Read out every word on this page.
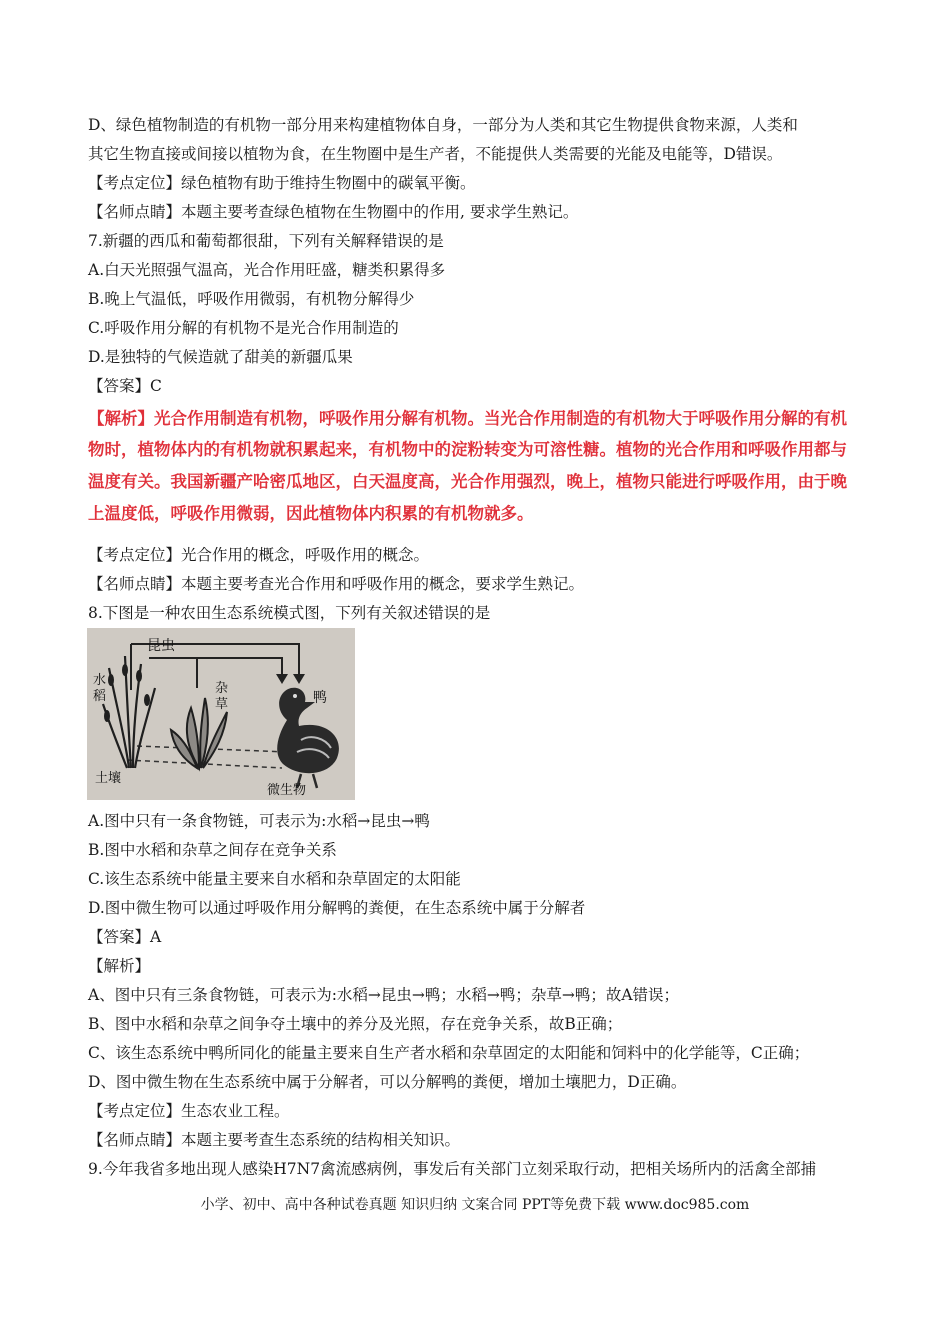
D、绿色植物制造的有机物一部分用来构建植物体自身，一部分为人类和其它生物提供食物来源，人类和
其它生物直接或间接以植物为食，在生物圈中是生产者，不能提供人类需要的光能及电能等，D错误。
【考点定位】绿色植物有助于维持生物圈中的碳氧平衡。
【名师点睛】本题主要考查绿色植物在生物圈中的作用, 要求学生熟记。
7.新疆的西瓜和葡萄都很甜，下列有关解释错误的是
A.白天光照强气温高，光合作用旺盛，糖类积累得多
B.晚上气温低，呼吸作用微弱，有机物分解得少
C.呼吸作用分解的有机物不是光合作用制造的
D.是独特的气候造就了甜美的新疆瓜果
【答案】C
【解析】光合作用制造有机物，呼吸作用分解有机物。当光合作用制造的有机物大于呼吸作用分解的有机
物时，植物体内的有机物就积累起来，有机物中的淀粉转变为可溶性糖。植物的光合作用和呼吸作用都与
温度有关。我国新疆产哈密瓜地区，白天温度高，光合作用强烈，晚上，植物只能进行呼吸作用，由于晚
上温度低，呼吸作用微弱，因此植物体内积累的有机物就多。
【考点定位】光合作用的概念，呼吸作用的概念。
【名师点睛】本题主要考查光合作用和呼吸作用的概念，要求学生熟记。
8.下图是一种农田生态系统模式图，下列有关叙述错误的是
昆虫
水
稻
杂
草	鸭
土壤
微生物
A.图中只有一条食物链，可表示为:水稻→昆虫→鸭
B.图中水稻和杂草之间存在竞争关系
C.该生态系统中能量主要来自水稻和杂草固定的太阳能
D.图中微生物可以通过呼吸作用分解鸭的粪便，在生态系统中属于分解者
【答案】A
【解析】
A、图中只有三条食物链，可表示为:水稻→昆虫→鸭；水稻→鸭；杂草→鸭；故A错误；
B、图中水稻和杂草之间争夺土壤中的养分及光照，存在竞争关系，故B正确；
C、该生态系统中鸭所同化的能量主要来自生产者水稻和杂草固定的太阳能和饲料中的化学能等，C正确；
D、图中微生物在生态系统中属于分解者，可以分解鸭的粪便，增加土壤肥力，D正确。
【考点定位】生态农业工程。
【名师点睛】本题主要考查生态系统的结构相关知识。
9.今年我省多地出现人感染H7N7禽流感病例，事发后有关部门立刻采取行动，把相关场所内的活禽全部捕
小学、初中、高中各种试卷真题 知识归纳 文案合同 PPT等免费下载 www.doc985.com
